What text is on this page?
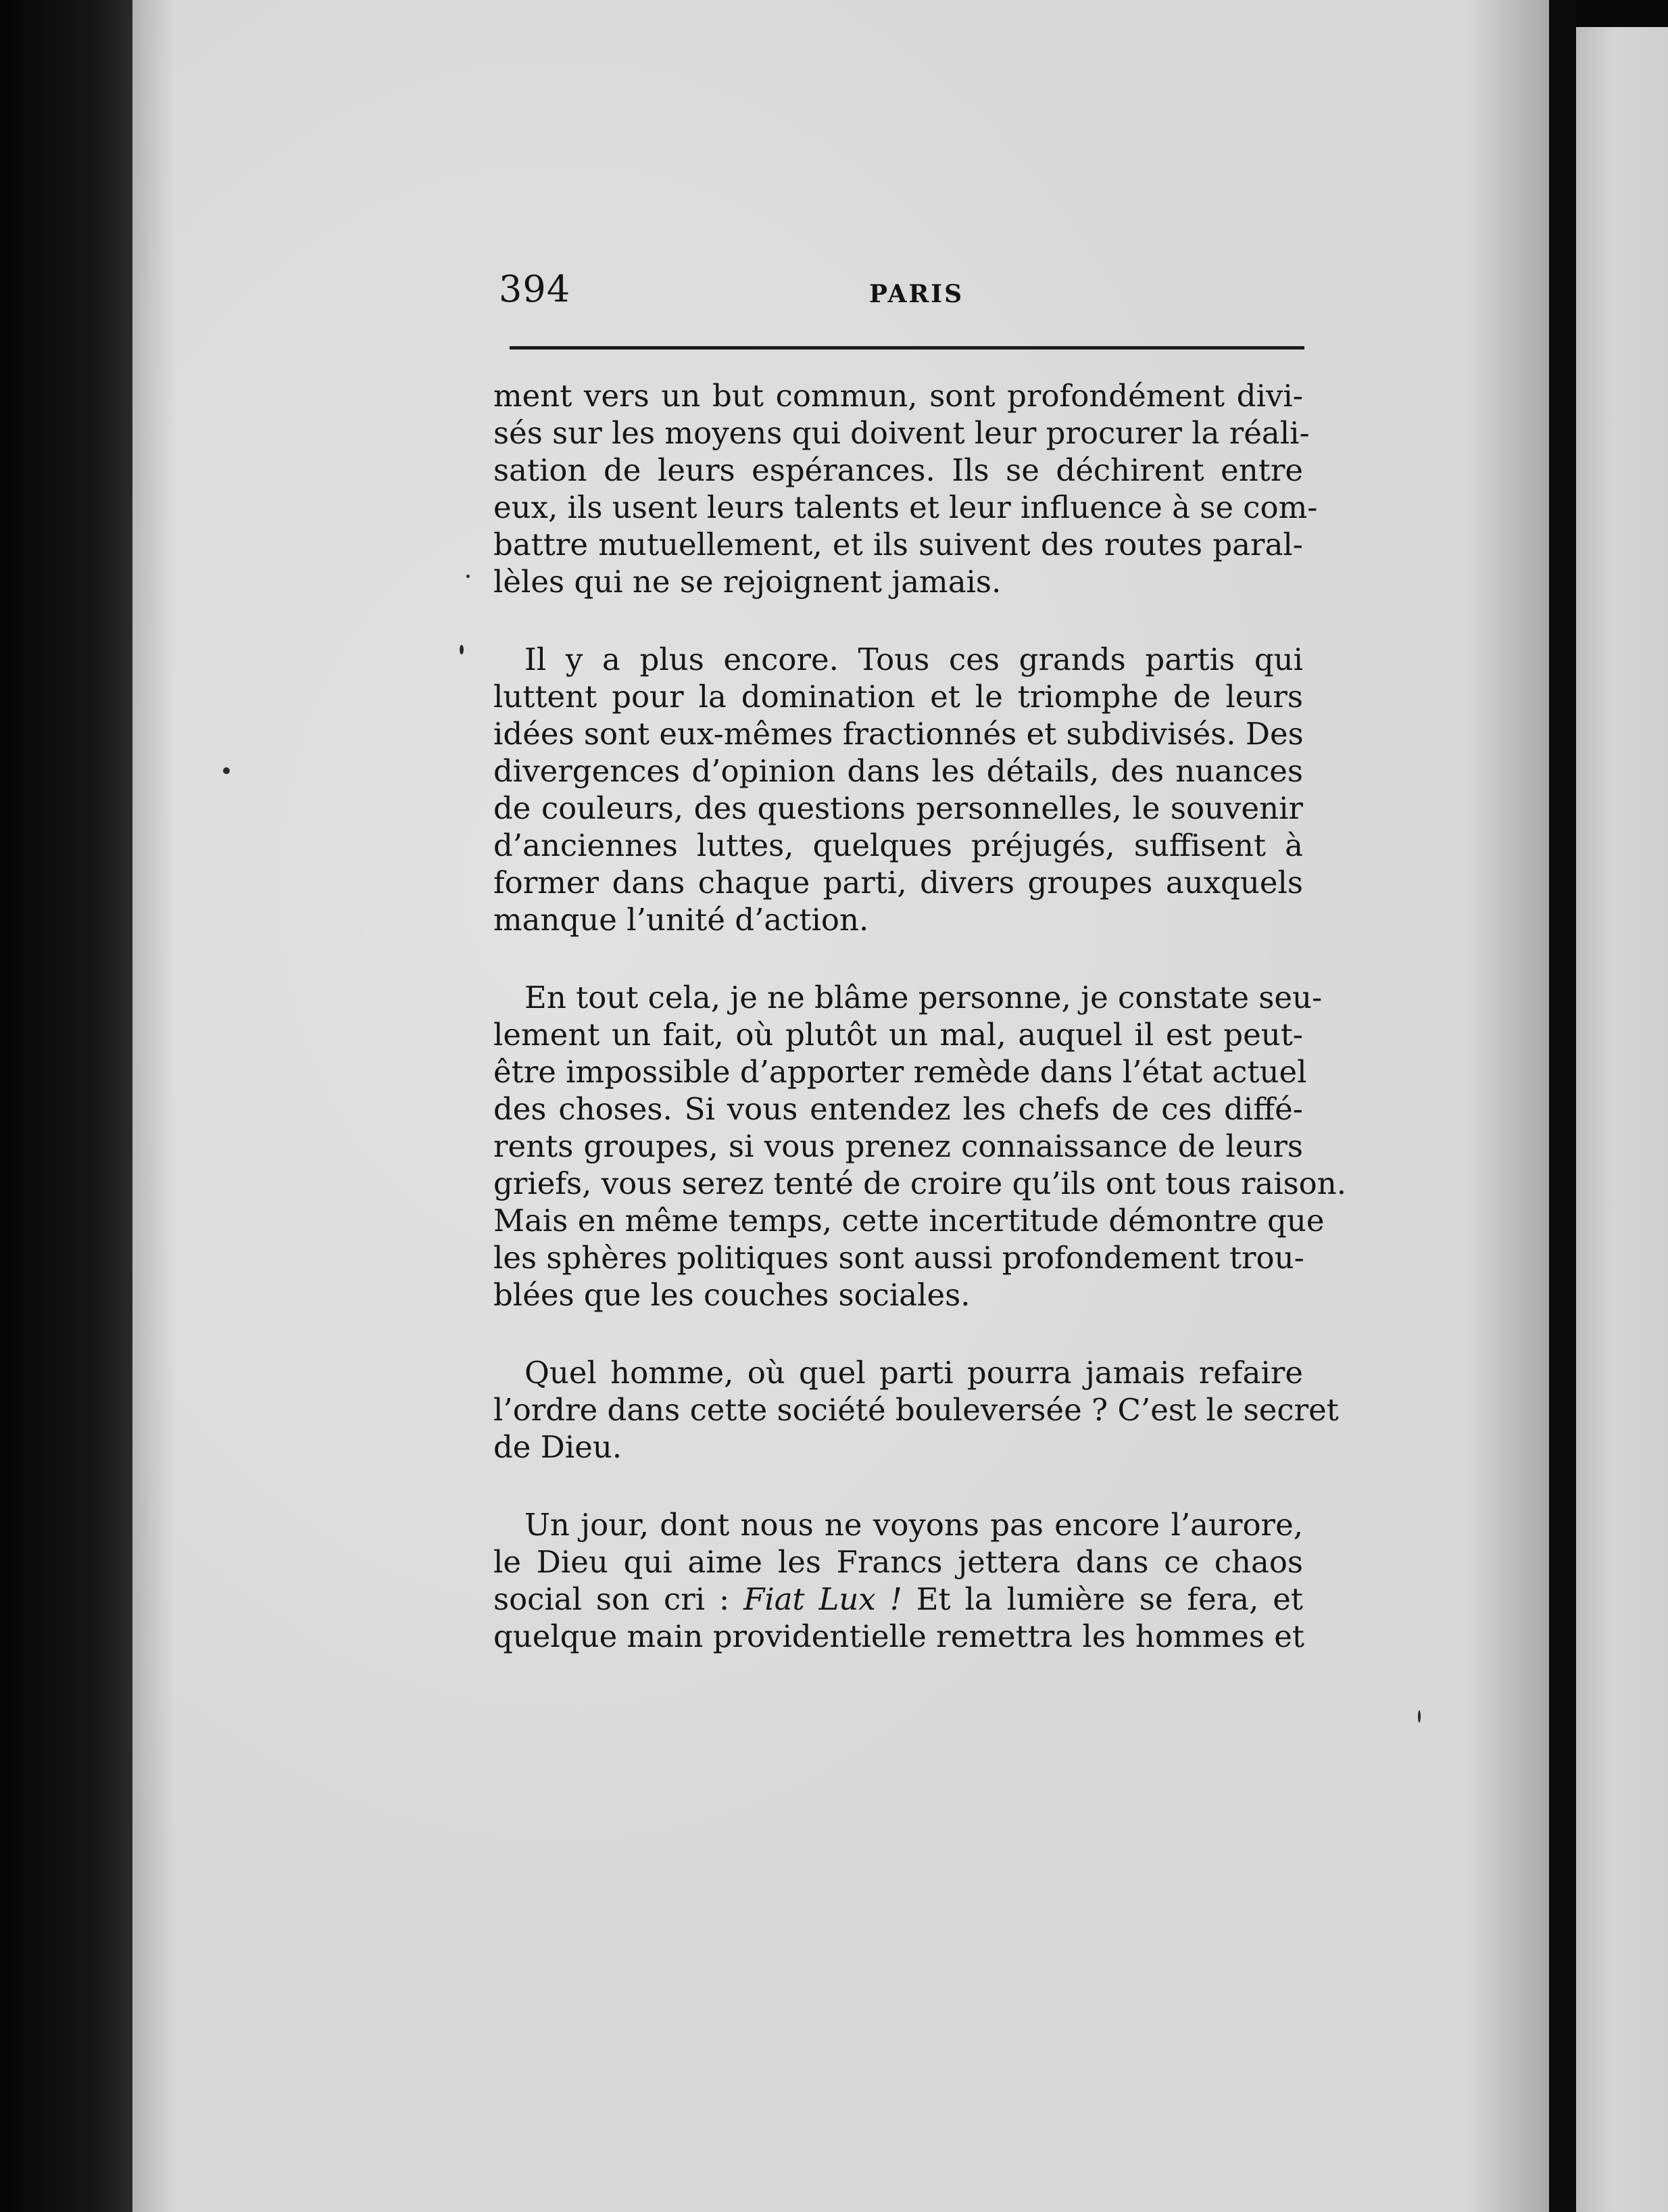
394	PARIS

ment vers un but commun, sont profondément divi-
sés sur les moyens qui doivent leur procurer la réali-
sation de leurs espérances. Ils se déchirent entre
eux, ils usent leurs talents et leur influence à se com-
battre mutuellement, et ils suivent des routes paral-
lèles qui ne se rejoignent jamais.

Il y a plus encore. Tous ces grands partis qui
luttent pour la domination et le triomphe de leurs
idées sont eux-mêmes fractionnés et subdivisés. Des
divergences d’opinion dans les détails, des nuances
de couleurs, des questions personnelles, le souvenir
d’anciennes luttes, quelques préjugés, suffisent à
former dans chaque parti, divers groupes auxquels
manque l’unité d’action.

En tout cela, je ne blâme personne, je constate seu-
lement un fait, où plutôt un mal, auquel il est peut-
être impossible d’apporter remède dans l’état actuel
des choses. Si vous entendez les chefs de ces diffé-
rents groupes, si vous prenez connaissance de leurs
griefs, vous serez tenté de croire qu’ils ont tous raison.
Mais en même temps, cette incertitude démontre que
les sphères politiques sont aussi profondement trou-
blées que les couches sociales.

Quel homme, où quel parti pourra jamais refaire
l’ordre dans cette société bouleversée ? C’est le secret
de Dieu.

Un jour, dont nous ne voyons pas encore l’aurore,
le Dieu qui aime les Francs jettera dans ce chaos
social son cri : Fiat Lux ! Et la lumière se fera, et
quelque main providentielle remettra les hommes et
